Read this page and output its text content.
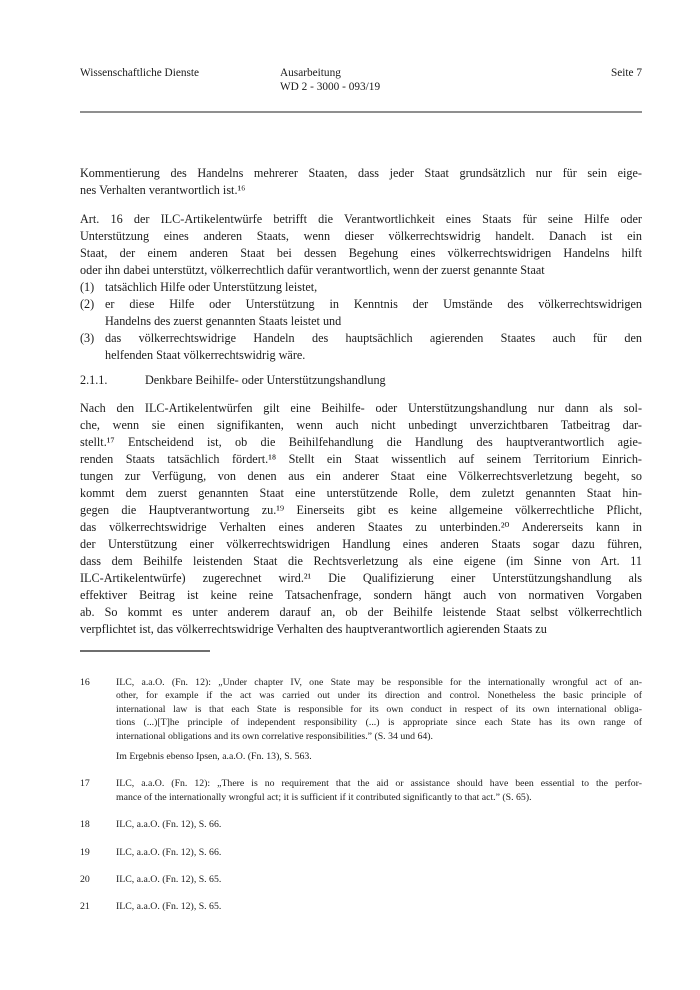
Wissenschaftliche Dienste	Ausarbeitung
WD 2 - 3000 - 093/19
Seite 7
Kommentierung des Handelns mehrerer Staaten, dass jeder Staat grundsätzlich nur für sein eige-
nes Verhalten verantwortlich ist.¹⁶
Art. 16 der ILC-Artikelentwürfe betrifft die Verantwortlichkeit eines Staats für seine Hilfe oder
Unterstützung eines anderen Staats, wenn dieser völkerrechtswidrig handelt. Danach ist ein
Staat, der einem anderen Staat bei dessen Begehung eines völkerrechtswidrigen Handelns hilft
oder ihn dabei unterstützt, völkerrechtlich dafür verantwortlich, wenn der zuerst genannte Staat
(1) tatsächlich Hilfe oder Unterstützung leistet,
(2) er diese Hilfe oder Unterstützung in Kenntnis der Umstände des völkerrechtswidrigen
Handelns des zuerst genannten Staats leistet und
(3) das völkerrechtswidrige Handeln des hauptsächlich agierenden Staates auch für den
helfenden Staat völkerrechtswidrig wäre.
2.1.1.	Denkbare Beihilfe- oder Unterstützungshandlung
Nach den ILC-Artikelentwürfen gilt eine Beihilfe- oder Unterstützungshandlung nur dann als sol-
che, wenn sie einen signifikanten, wenn auch nicht unbedingt unverzichtbaren Tatbeitrag dar-
stellt.¹⁷ Entscheidend ist, ob die Beihilfehandlung die Handlung des hauptverantwortlich agie-
renden Staats tatsächlich fördert.¹⁸ Stellt ein Staat wissentlich auf seinem Territorium Einrich-
tungen zur Verfügung, von denen aus ein anderer Staat eine Völkerrechtsverletzung begeht, so
kommt dem zuerst genannten Staat eine unterstützende Rolle, dem zuletzt genannten Staat hin-
gegen die Hauptverantwortung zu.¹⁹ Einerseits gibt es keine allgemeine völkerrechtliche Pflicht,
das völkerrechtswidrige Verhalten eines anderen Staates zu unterbinden.²⁰ Andererseits kann in
der Unterstützung einer völkerrechtswidrigen Handlung eines anderen Staats sogar dazu führen,
dass dem Beihilfe leistenden Staat die Rechtsverletzung als eine eigene (im Sinne von Art. 11
ILC-Artikelentwürfe) zugerechnet wird.²¹ Die Qualifizierung einer Unterstützungshandlung als
effektiver Beitrag ist keine reine Tatsachenfrage, sondern hängt auch von normativen Vorgaben
ab. So kommt es unter anderem darauf an, ob der Beihilfe leistende Staat selbst völkerrechtlich
verpflichtet ist, das völkerrechtswidrige Verhalten des hauptverantwortlich agierenden Staats zu
16	ILC, a.a.O. (Fn. 12): „Under chapter IV, one State may be responsible for the internationally wrongful act of an-
other, for example if the act was carried out under its direction and control. Nonetheless the basic principle of
international law is that each State is responsible for its own conduct in respect of its own international obliga-
tions (...)[T]he principle of independent responsibility (...) is appropriate since each State has its own range of
international obligations and its own correlative responsibilities.” (S. 34 und 64).
Im Ergebnis ebenso Ipsen, a.a.O. (Fn. 13), S. 563.
17	ILC, a.a.O. (Fn. 12): „There is no requirement that the aid or assistance should have been essential to the perfor-
mance of the internationally wrongful act; it is sufficient if it contributed significantly to that act.” (S. 65).
18	ILC, a.a.O. (Fn. 12), S. 66.
19	ILC, a.a.O. (Fn. 12), S. 66.
20	ILC, a.a.O. (Fn. 12), S. 65.
21	ILC, a.a.O. (Fn. 12), S. 65.
